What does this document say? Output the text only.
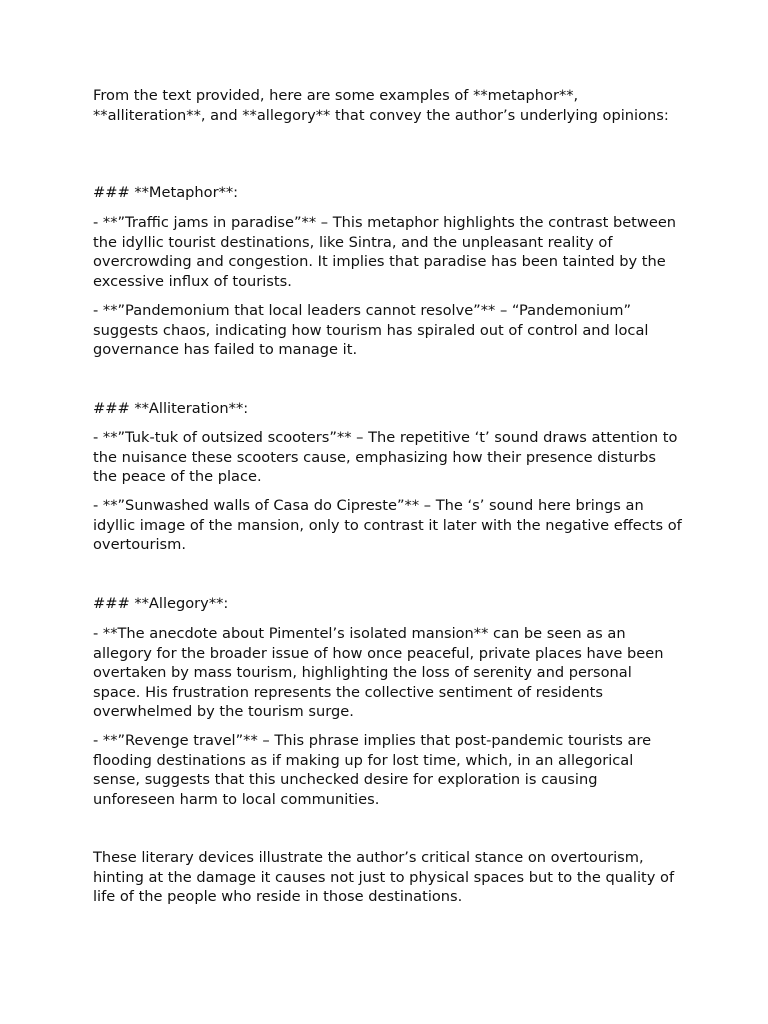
From the text provided, here are some examples of **metaphor**, **alliteration**, and **allegory** that convey the author’s underlying opinions:

### **Metaphor**:

- **”Traffic jams in paradise”** – This metaphor highlights the contrast between the idyllic tourist destinations, like Sintra, and the unpleasant reality of overcrowding and congestion. It implies that paradise has been tainted by the excessive influx of tourists.

- **”Pandemonium that local leaders cannot resolve”** – “Pandemonium” suggests chaos, indicating how tourism has spiraled out of control and local governance has failed to manage it.

### **Alliteration**:

- **”Tuk-tuk of outsized scooters”** – The repetitive ‘t’ sound draws attention to the nuisance these scooters cause, emphasizing how their presence disturbs the peace of the place.

- **”Sunwashed walls of Casa do Cipreste”** – The ‘s’ sound here brings an idyllic image of the mansion, only to contrast it later with the negative effects of overtourism.

### **Allegory**:

- **The anecdote about Pimentel’s isolated mansion** can be seen as an allegory for the broader issue of how once peaceful, private places have been overtaken by mass tourism, highlighting the loss of serenity and personal space. His frustration represents the collective sentiment of residents overwhelmed by the tourism surge.

- **”Revenge travel”** – This phrase implies that post-pandemic tourists are flooding destinations as if making up for lost time, which, in an allegorical sense, suggests that this unchecked desire for exploration is causing unforeseen harm to local communities.

These literary devices illustrate the author’s critical stance on overtourism, hinting at the damage it causes not just to physical spaces but to the quality of life of the people who reside in those destinations.
